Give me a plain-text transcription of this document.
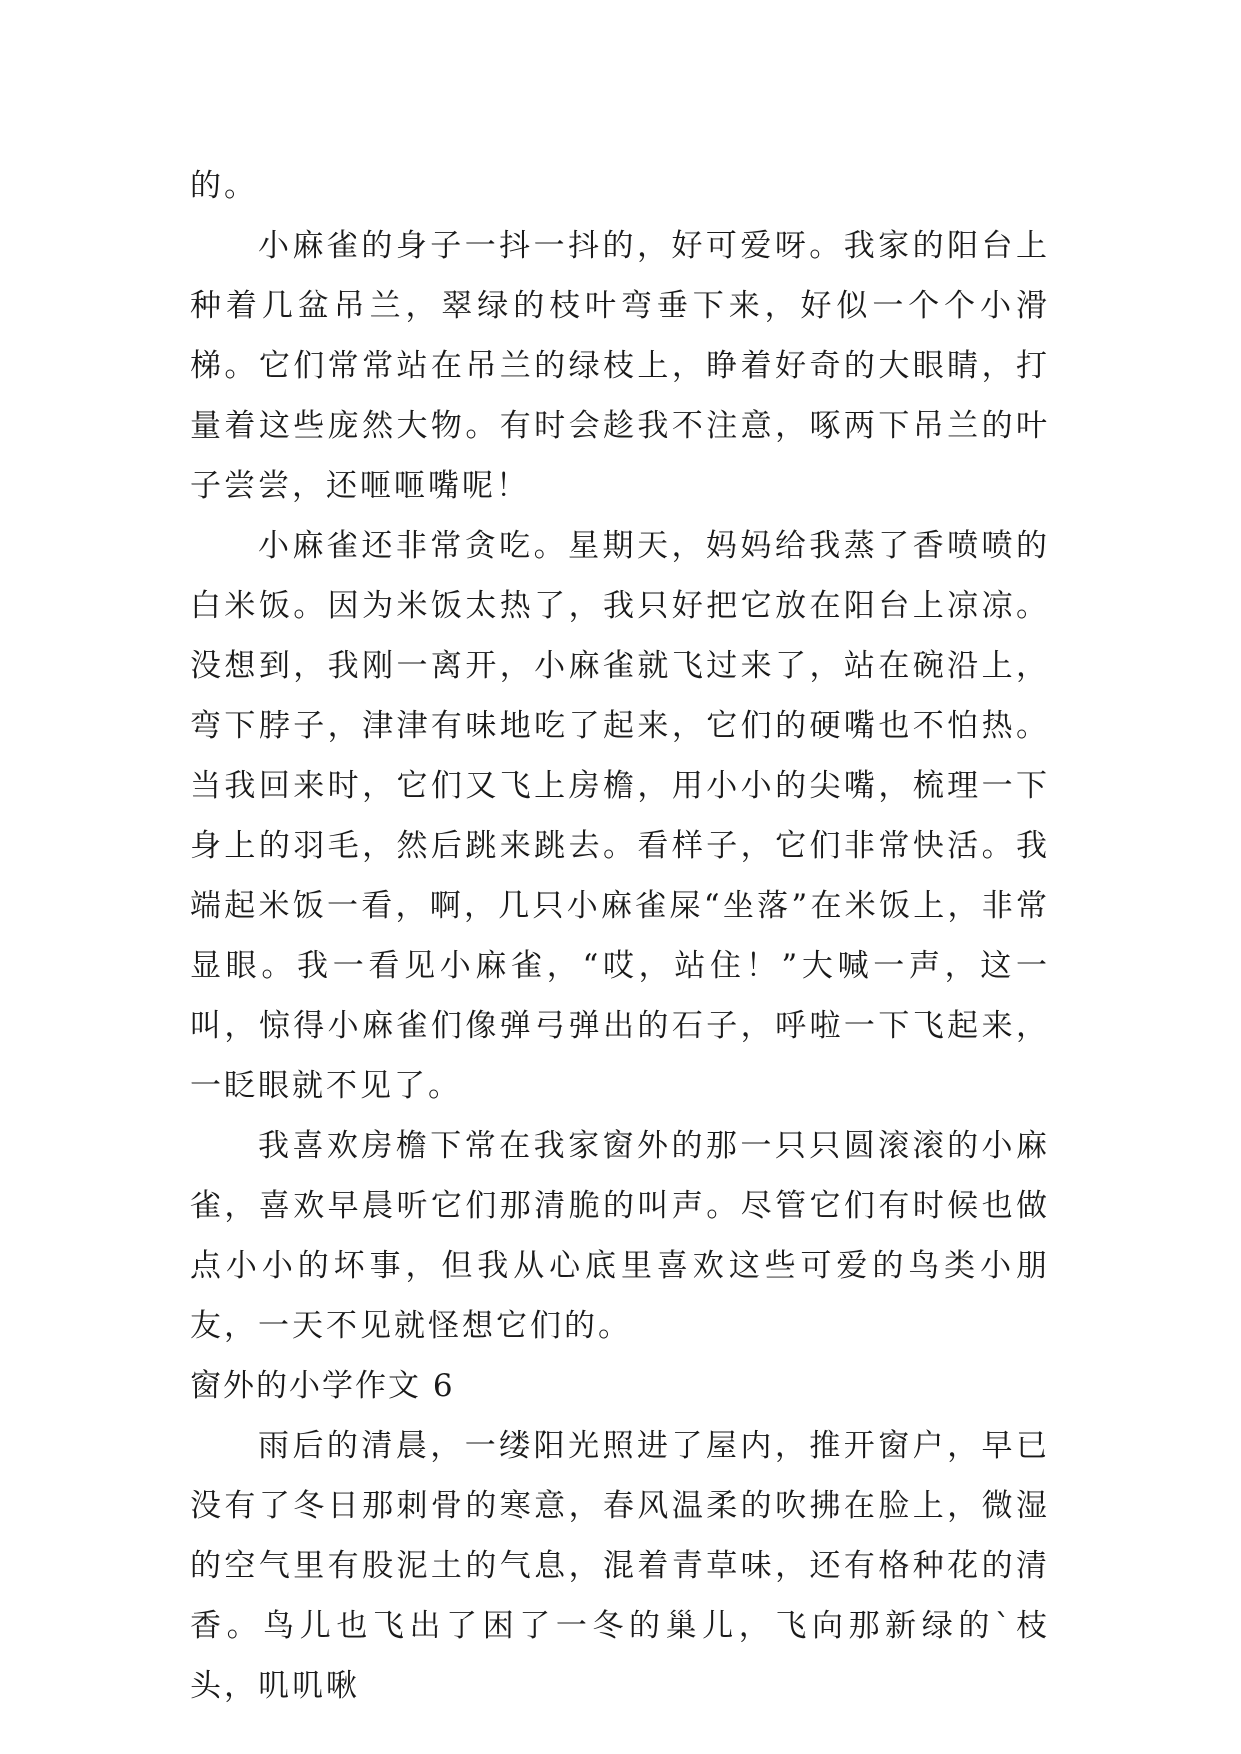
的。

小麻雀的身子一抖一抖的，好可爱呀。我家的阳台上种着几盆吊兰，翠绿的枝叶弯垂下来，好似一个个小滑梯。它们常常站在吊兰的绿枝上，睁着好奇的大眼睛，打量着这些庞然大物。有时会趁我不注意，啄两下吊兰的叶子尝尝，还咂咂嘴呢！

小麻雀还非常贪吃。星期天，妈妈给我蒸了香喷喷的白米饭。因为米饭太热了，我只好把它放在阳台上凉凉。没想到，我刚一离开，小麻雀就飞过来了，站在碗沿上，弯下脖子，津津有味地吃了起来，它们的硬嘴也不怕热。当我回来时，它们又飞上房檐，用小小的尖嘴，梳理一下身上的羽毛，然后跳来跳去。看样子，它们非常快活。我端起米饭一看，啊，几只小麻雀屎“坐落”在米饭上，非常显眼。我一看见小麻雀，“哎，站住！”大喊一声，这一叫，惊得小麻雀们像弹弓弹出的石子，呼啦一下飞起来，一眨眼就不见了。

我喜欢房檐下常在我家窗外的那一只只圆滚滚的小麻雀，喜欢早晨听它们那清脆的叫声。尽管它们有时候也做点小小的坏事，但我从心底里喜欢这些可爱的鸟类小朋友，一天不见就怪想它们的。

窗外的小学作文 6

雨后的清晨，一缕阳光照进了屋内，推开窗户，早已没有了冬日那刺骨的寒意，春风温柔的吹拂在脸上，微湿的空气里有股泥土的气息，混着青草味，还有格种花的清香。鸟儿也飞出了困了一冬的巢儿，飞向那新绿的`枝头，叽叽啾
